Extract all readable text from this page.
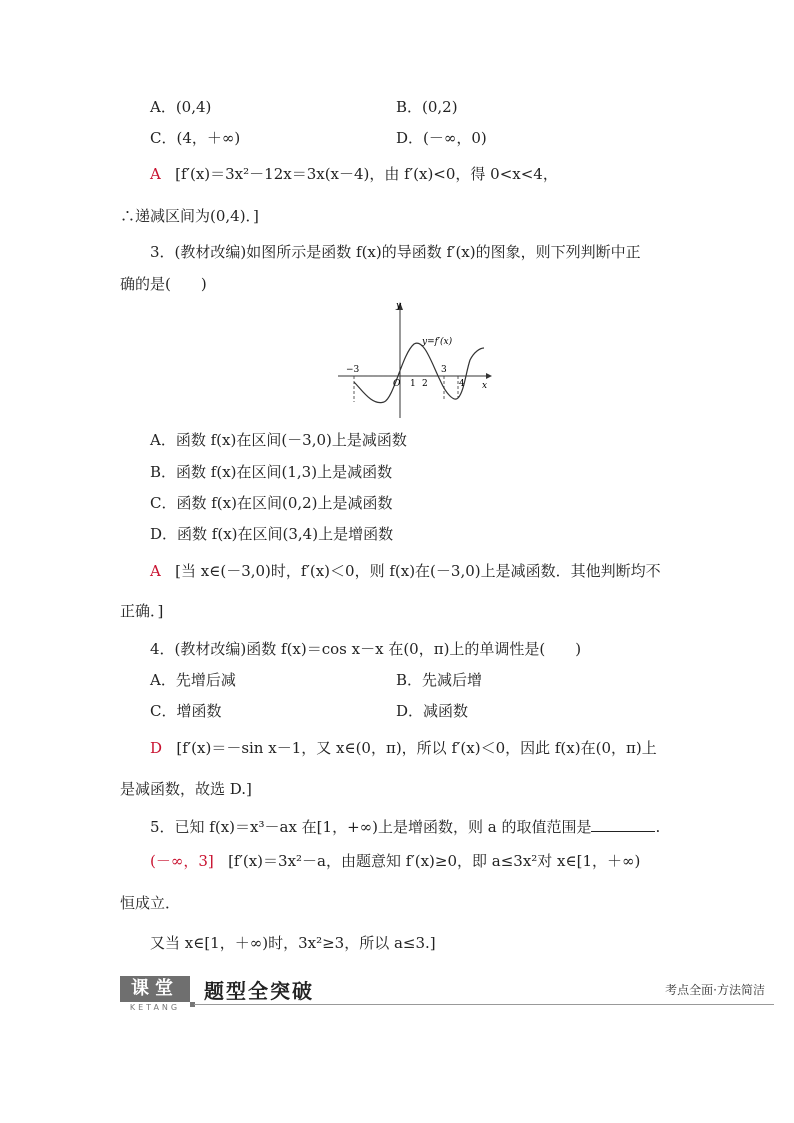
A．(0,4)	B．(0,2)
C．(4，＋∞)	D．(－∞，0)
A [f′(x)＝3x²－12x＝3x(x－4)，由 f′(x)<0，得 0<x<4，
∴递减区间为(0,4)．]
3．(教材改编)如图所示是函数 f(x)的导函数 f′(x)的图象，则下列判断中正
确的是(　　)
y
x
y=f′(x)
O
−3
1 2
3
4
A．函数 f(x)在区间(－3,0)上是减函数
B．函数 f(x)在区间(1,3)上是减函数
C．函数 f(x)在区间(0,2)上是减函数
D．函数 f(x)在区间(3,4)上是增函数
A [当 x∈(－3,0)时，f′(x)＜0，则 f(x)在(－3,0)上是减函数．其他判断均不
正确．]
4．(教材改编)函数 f(x)＝cos x－x 在(0，π)上的单调性是(　　)
A．先增后减	B．先减后增
C．增函数	D．减函数
D [f′(x)＝－sin x－1，又 x∈(0，π)，所以 f′(x)＜0，因此 f(x)在(0，π)上
是减函数，故选 D.]
5．已知 f(x)＝x³－ax 在[1，+∞)上是增函数，则 a 的取值范围是	.
(－∞，3] [f′(x)＝3x²－a，由题意知 f′(x)≥0，即 a≤3x²对 x∈[1，＋∞)
恒成立．
又当 x∈[1，＋∞)时，3x²≥3，所以 a≤3.]
课堂
KETANG
题型全突破	考点全面·方法简洁
